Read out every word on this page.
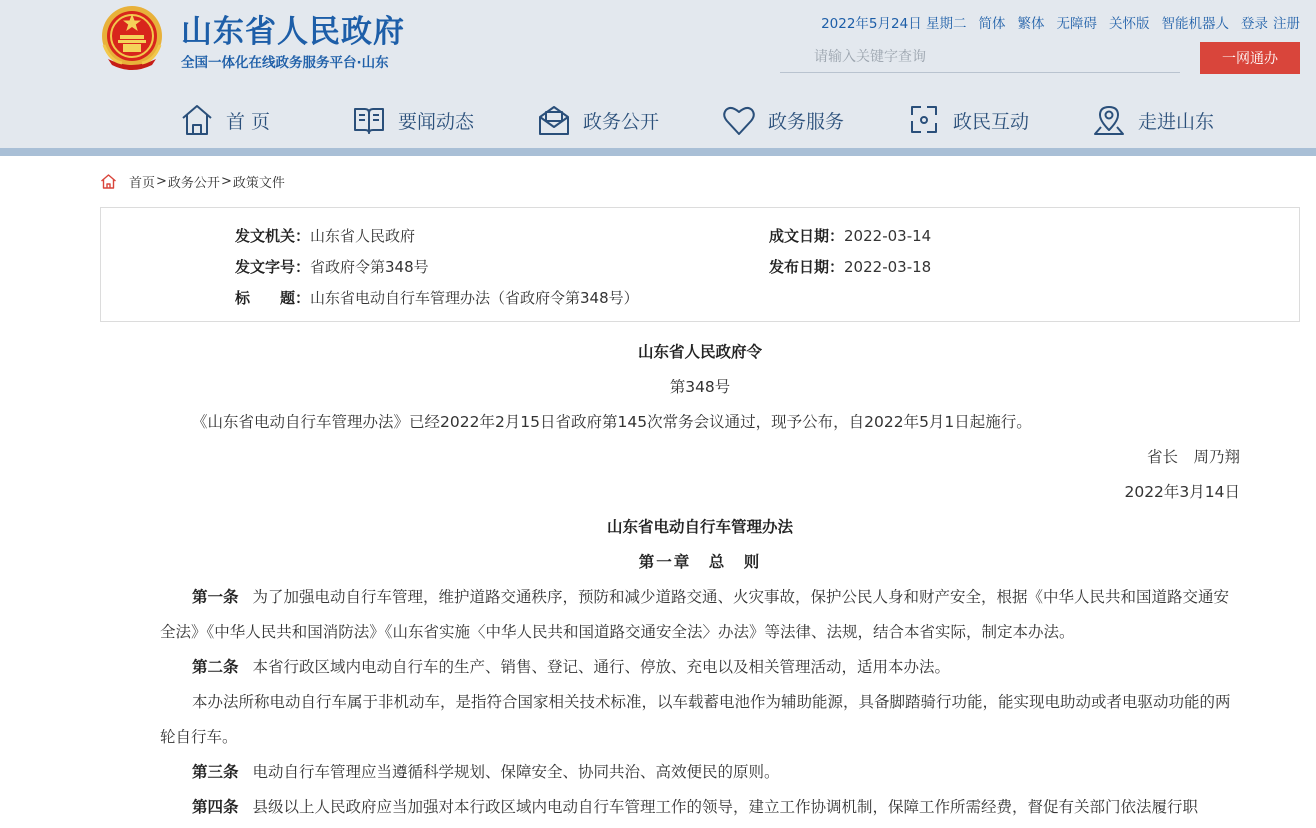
山东省人民政府
全国一体化在线政务服务平台·山东
2022年5月24日 星期二 简体 繁体 无障碍 关怀版 智能机器人 登录 注册
请输入关键字查询
一网通办
首 页	要闻动态	政务公开	政务服务	政民互动	走进山东
首页 > 政务公开 > 政策文件
发文机关：山东省人民政府	成文日期：2022-03-14
发文字号：省政府令第348号	发布日期：2022-03-18
标　　题：山东省电动自行车管理办法（省政府令第348号）

山东省人民政府令

第348号

《山东省电动自行车管理办法》已经2022年2月15日省政府第145次常务会议通过，现予公布，自2022年5月1日起施行。

省长　周乃翔

2022年3月14日

山东省电动自行车管理办法

第一章　总　则

第一条 为了加强电动自行车管理，维护道路交通秩序，预防和减少道路交通、火灾事故，保护公民人身和财产安全，根据《中华人民共和国道路交通安全法》《中华人民共和国消防法》《山东省实施〈中华人民共和国道路交通安全法〉办法》等法律、法规，结合本省实际，制定本办法。

第二条 本省行政区域内电动自行车的生产、销售、登记、通行、停放、充电以及相关管理活动，适用本办法。

本办法所称电动自行车属于非机动车，是指符合国家相关技术标准，以车载蓄电池作为辅助能源，具备脚踏骑行功能，能实现电助动或者电驱动功能的两轮自行车。

第三条 电动自行车管理应当遵循科学规划、保障安全、协同共治、高效便民的原则。

第四条 县级以上人民政府应当加强对本行政区域内电动自行车管理工作的领导，建立工作协调机制，保障工作所需经费，督促有关部门依法履行职
